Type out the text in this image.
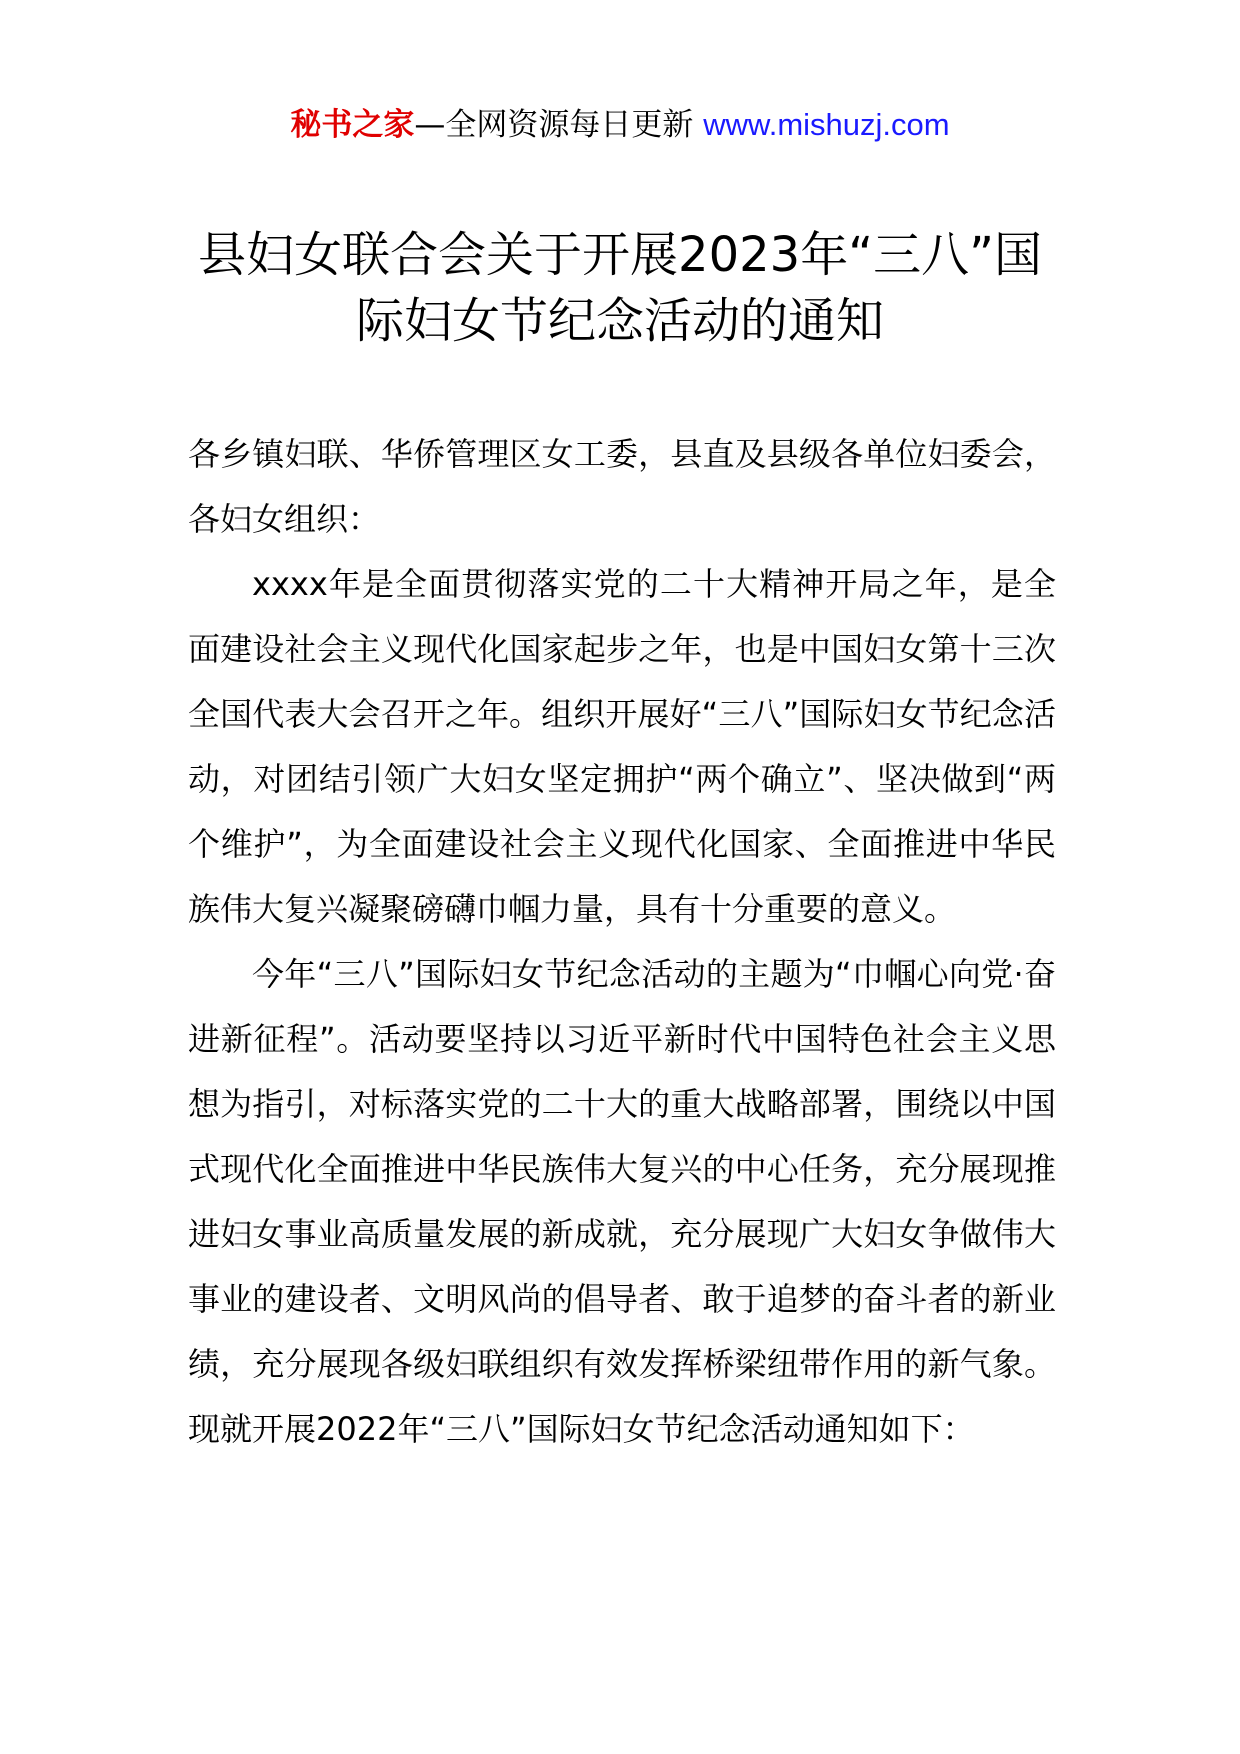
秘书之家—全网资源每日更新 www.mishuzj.com
县妇女联合会关于开展2023年“三八”国
际妇女节纪念活动的通知

各乡镇妇联、华侨管理区女工委，县直及县级各单位妇委会，各妇女组织：

xxxx年是全面贯彻落实党的二十大精神开局之年，是全面建设社会主义现代化国家起步之年，也是中国妇女第十三次全国代表大会召开之年。组织开展好“三八”国际妇女节纪念活动，对团结引领广大妇女坚定拥护“两个确立”、坚决做到“两个维护”，为全面建设社会主义现代化国家、全面推进中华民族伟大复兴凝聚磅礴巾帼力量，具有十分重要的意义。

今年“三八”国际妇女节纪念活动的主题为“巾帼心向党·奋进新征程”。活动要坚持以习近平新时代中国特色社会主义思想为指引，对标落实党的二十大的重大战略部署，围绕以中国式现代化全面推进中华民族伟大复兴的中心任务，充分展现推进妇女事业高质量发展的新成就，充分展现广大妇女争做伟大事业的建设者、文明风尚的倡导者、敢于追梦的奋斗者的新业绩，充分展现各级妇联组织有效发挥桥梁纽带作用的新气象。现就开展2022年“三八”国际妇女节纪念活动通知如下：
